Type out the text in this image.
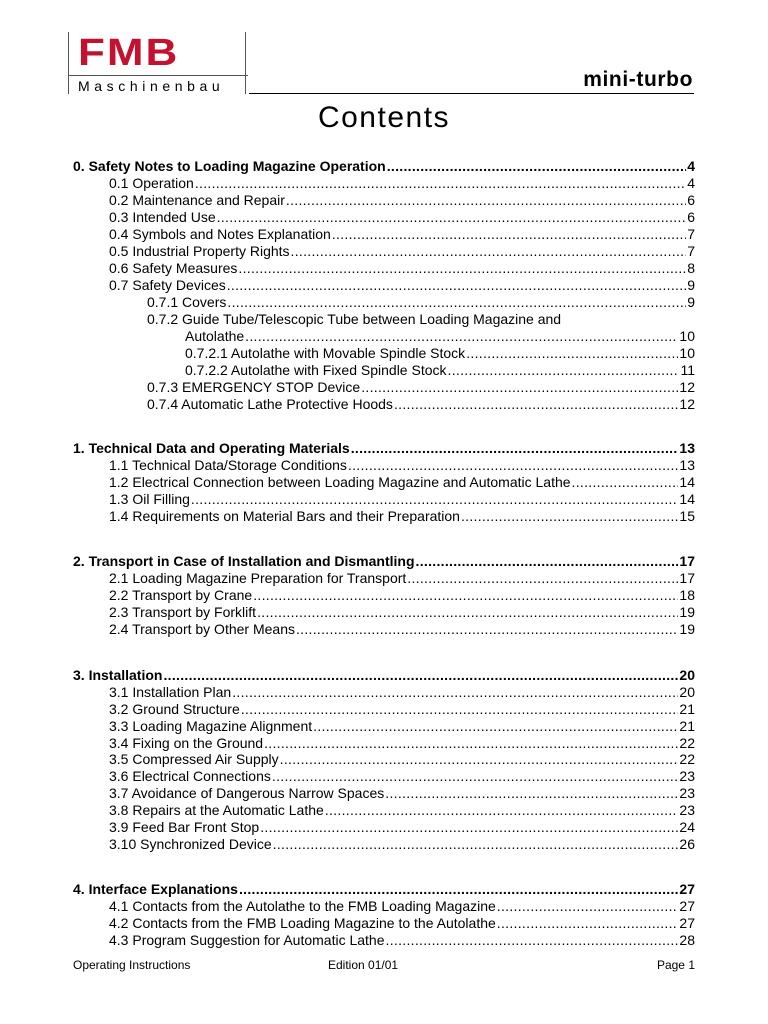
FMB
Maschinenbau	mini-turbo
Contents
0. Safety Notes to Loading Magazine Operation .....	4
0.1 Operation .....	4
0.2 Maintenance and Repair .....	6
0.3 Intended Use .....	6
0.4 Symbols and Notes Explanation .....	7
0.5 Industrial Property Rights .....	7
0.6 Safety Measures .....	8
0.7 Safety Devices .....	9
0.7.1 Covers .....	9
0.7.2 Guide Tube/Telescopic Tube between Loading Magazine and
Autolathe .....	10
0.7.2.1 Autolathe with Movable Spindle Stock .....	10
0.7.2.2 Autolathe with Fixed Spindle Stock .....	11
0.7.3 EMERGENCY STOP Device .....	12
0.7.4 Automatic Lathe Protective Hoods .....	12
1. Technical Data and Operating Materials .....	13
1.1 Technical Data/Storage Conditions .....	13
1.2 Electrical Connection between Loading Magazine and Automatic Lathe .....	14
1.3 Oil Filling .....	14
1.4 Requirements on Material Bars and their Preparation .....	15
2. Transport in Case of Installation and Dismantling .....	17
2.1 Loading Magazine Preparation for Transport .....	17
2.2 Transport by Crane .....	18
2.3 Transport by Forklift .....	19
2.4 Transport by Other Means .....	19
3. Installation .....	20
3.1 Installation Plan .....	20
3.2 Ground Structure .....	21
3.3 Loading Magazine Alignment .....	21
3.4 Fixing on the Ground .....	22
3.5 Compressed Air Supply .....	22
3.6 Electrical Connections .....	23
3.7 Avoidance of Dangerous Narrow Spaces .....	23
3.8 Repairs at the Automatic Lathe .....	23
3.9 Feed Bar Front Stop .....	24
3.10 Synchronized Device .....	26
4. Interface Explanations .....	27
4.1 Contacts from the Autolathe to the FMB Loading Magazine .....	27
4.2 Contacts from the FMB Loading Magazine to the Autolathe .....	27
4.3 Program Suggestion for Automatic Lathe .....	28
Operating Instructions	Edition 01/01	Page 1
